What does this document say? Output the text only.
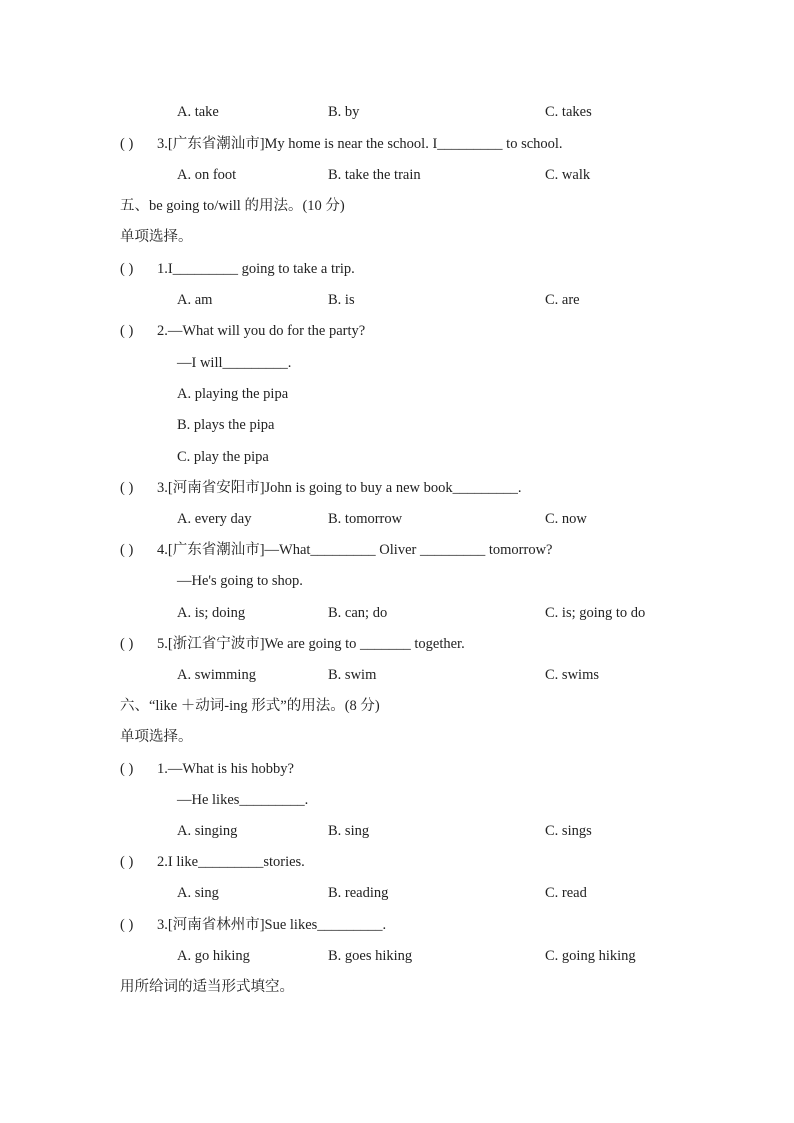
A. take	B. by	C. takes
( ) 3.[广东省潮汕市]My home is near the school. I_________ to school.
A. on foot	B. take the train	C. walk
五、be going to/will 的用法。(10 分)
单项选择。
( ) 1.I_________ going to take a trip.
A. am	B. is	C. are
( ) 2.—What will you do for the party?
—I will_________.
A. playing the pipa
B. plays the pipa
C. play the pipa
( ) 3.[河南省安阳市]John is going to buy a new book_________.
A. every day	B. tomorrow	C. now
( ) 4.[广东省潮汕市]—What_________ Oliver _________ tomorrow?
—He's going to shop.
A. is; doing	B. can; do	C. is; going to do
( ) 5.[浙江省宁波市]We are going to _______ together.
A. swimming	B. swim	C. swims
六、“like ＋动词-ing 形式”的用法。(8 分)
单项选择。
( ) 1.—What is his hobby?
—He likes_________.
A. singing	B. sing	C. sings
( ) 2.I like_________stories.
A. sing	B. reading	C. read
( ) 3.[河南省林州市]Sue likes_________.
A. go hiking	B. goes hiking	C. going hiking
用所给词的适当形式填空。
